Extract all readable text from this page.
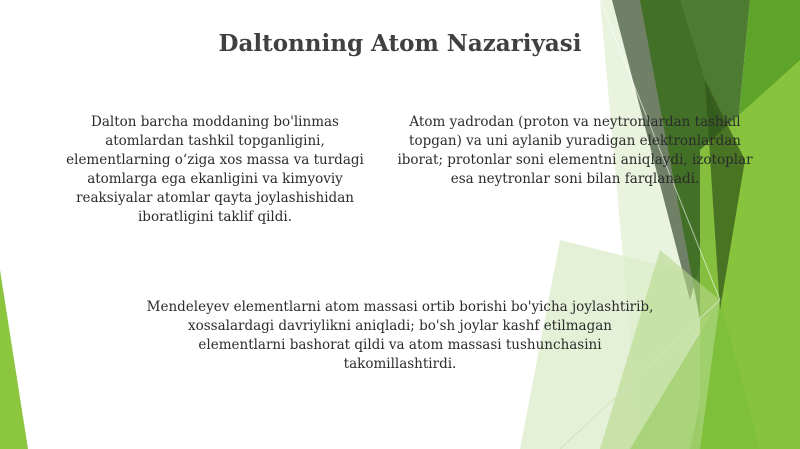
Daltonning Atom Nazariyasi
Dalton barcha moddaning bo'linmas atomlardan tashkil topganligini, elementlarning o‘ziga xos massa va turdagi atomlarga ega ekanligini va kimyoviy reaksiyalar atomlar qayta joylashishidan iboratligini taklif qildi.
Atom yadrodan (proton va neytronlardan tashkil topgan) va uni aylanib yuradigan elektronlardan iborat; protonlar soni elementni aniqlaydi, izotoplar esa neytronlar soni bilan farqlanadi.
Mendeleyev elementlarni atom massasi ortib borishi bo'yicha joylashtirib, xossalardagi davriylikni aniqladi; bo'sh joylar kashf etilmagan elementlarni bashorat qildi va atom massasi tushunchasini takomillashtirdi.
